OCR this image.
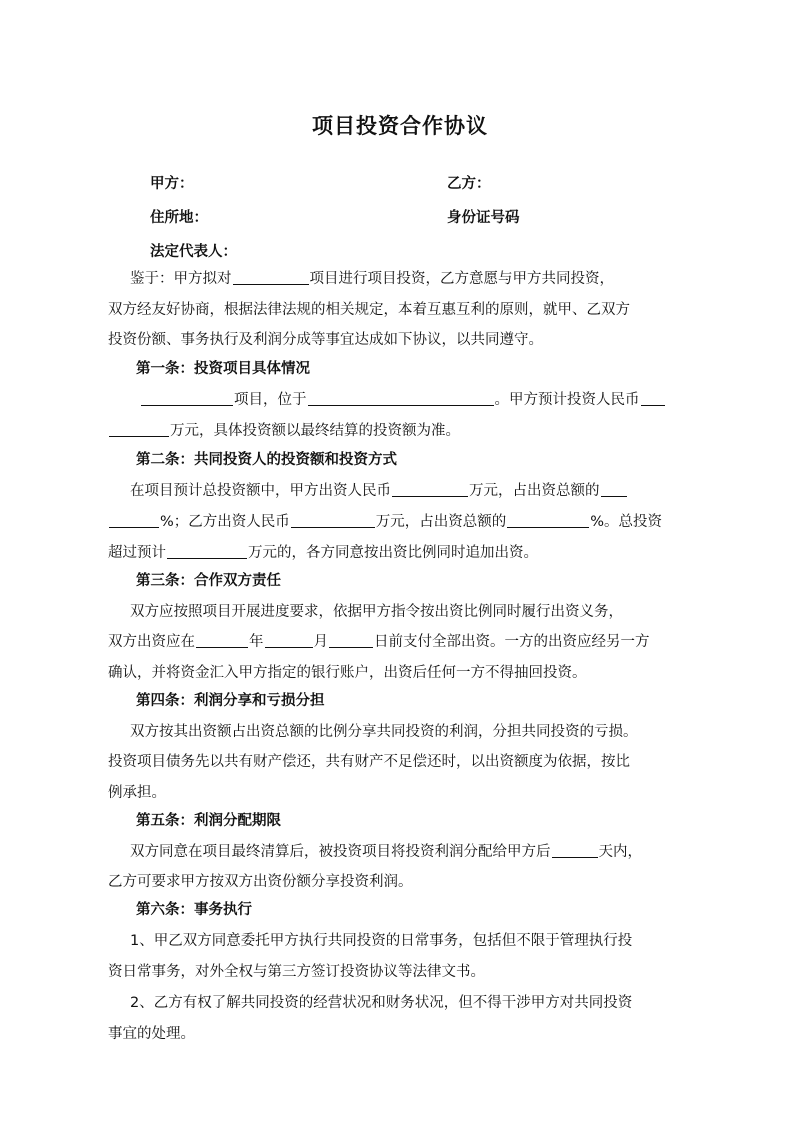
项目投资合作协议
甲方：	乙方：
住所地：	身份证号码
法定代表人：
鉴于：甲方拟对	项目进行项目投资，乙方意愿与甲方共同投资，
双方经友好协商，根据法律法规的相关规定，本着互惠互利的原则，就甲、乙双方
投资份额、事务执行及利润分成等事宜达成如下协议，以共同遵守。
第一条：投资项目具体情况
项目，位于	。甲方预计投资人民币
万元，具体投资额以最终结算的投资额为准。
第二条：共同投资人的投资额和投资方式
在项目预计总投资额中，甲方出资人民币	万元，占出资总额的
%；乙方出资人民币	万元，占出资总额的	%。总投资
超过预计	万元的，各方同意按出资比例同时追加出资。
第三条：合作双方责任
双方应按照项目开展进度要求，依据甲方指令按出资比例同时履行出资义务，
双方出资应在	年	月	日前支付全部出资。一方的出资应经另一方
确认，并将资金汇入甲方指定的银行账户，出资后任何一方不得抽回投资。
第四条：利润分享和亏损分担
双方按其出资额占出资总额的比例分享共同投资的利润，分担共同投资的亏损。
投资项目债务先以共有财产偿还，共有财产不足偿还时，以出资额度为依据，按比
例承担。
第五条：利润分配期限
双方同意在项目最终清算后，被投资项目将投资利润分配给甲方后	天内，
乙方可要求甲方按双方出资份额分享投资利润。
第六条：事务执行
1、甲乙双方同意委托甲方执行共同投资的日常事务，包括但不限于管理执行投
资日常事务，对外全权与第三方签订投资协议等法律文书。
2、乙方有权了解共同投资的经营状况和财务状况，但不得干涉甲方对共同投资
事宜的处理。
